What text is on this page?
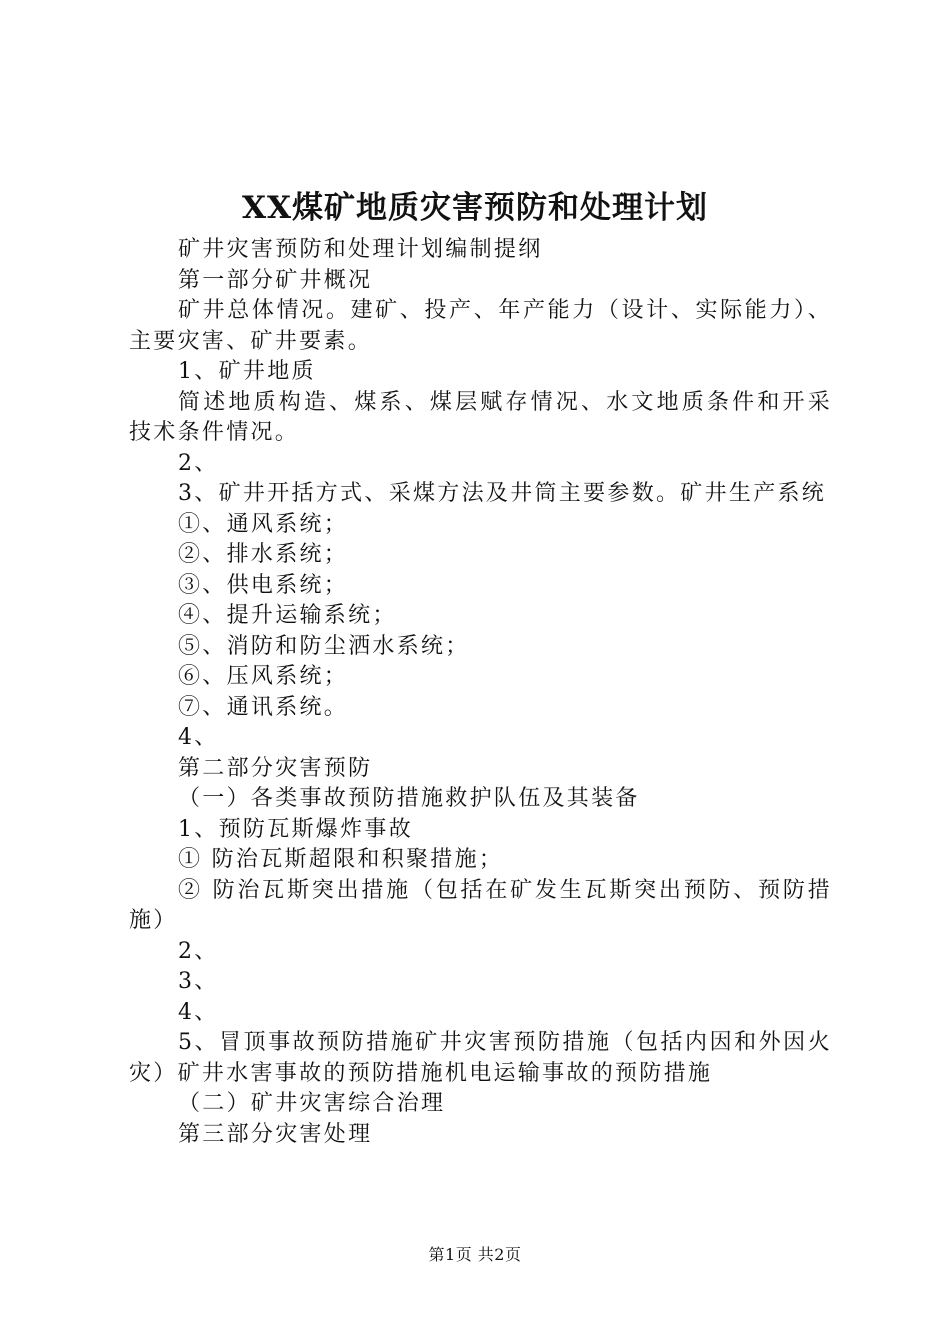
XX煤矿地质灾害预防和处理计划

矿井灾害预防和处理计划编制提纲

第一部分矿井概况

矿井总体情况。建矿、投产、年产能力（设计、实际能力）、主要灾害、矿井要素。

1、矿井地质

简述地质构造、煤系、煤层赋存情况、水文地质条件和开采技术条件情况。

2、

3、矿井开括方式、采煤方法及井筒主要参数。矿井生产系统

①、通风系统；

②、排水系统；

③、供电系统；

④、提升运输系统；

⑤、消防和防尘洒水系统；

⑥、压风系统；

⑦、通讯系统。

4、

第二部分灾害预防

（一）各类事故预防措施救护队伍及其装备

1、预防瓦斯爆炸事故

① 防治瓦斯超限和积聚措施；

② 防治瓦斯突出措施（包括在矿发生瓦斯突出预防、预防措施）

2、

3、

4、

5、冒顶事故预防措施矿井灾害预防措施（包括内因和外因火灾）矿井水害事故的预防措施机电运输事故的预防措施

（二）矿井灾害综合治理

第三部分灾害处理

第1页 共2页
